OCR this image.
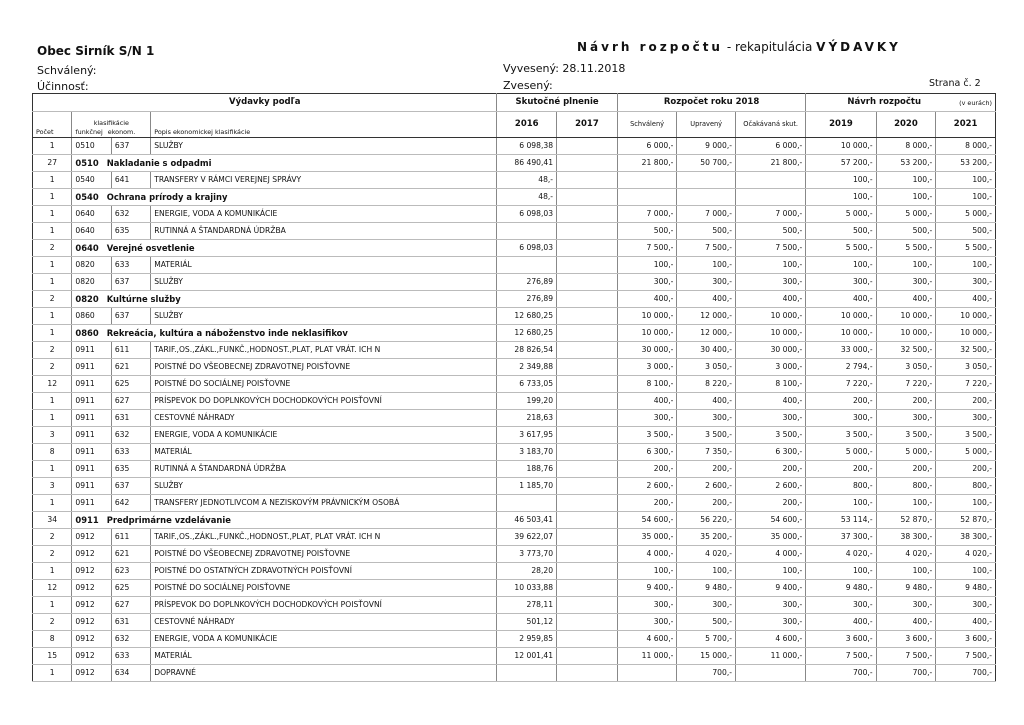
Obec Sirník S/N 1	Návrh rozpočtu - rekapitulácia VÝDAVKY
Schválený:	Vyvesený: 28.11.2018
Účinnosť:	Zvesený:	Strana č. 2
Výdavky podľa				Skutočné plnenie		Rozpočet roku 2018			Návrh rozpočtu (v eurách)		

Počet	klasifikácie
funkčnej ekonom.		Popis ekonomickej klasifikácie	2016	2017	Schválený	Upravený	Očakávaná skut.	2019	2020	2021
1	0510	637	SLUŽBY	6 098,38		6 000,-	9 000,-	6 000,-	10 000,-	8 000,-	8 000,-
27	0510 Nakladanie s odpadmi			86 490,41		21 800,-	50 700,-	21 800,-	57 200,-	53 200,-	53 200,-
1	0540	641	TRANSFERY V RÁMCI VEREJNEJ SPRÁVY	48,-					100,-	100,-	100,-
1	0540 Ochrana prírody a krajiny			48,-					100,-	100,-	100,-
1	0640	632	ENERGIE, VODA A KOMUNIKÁCIE	6 098,03		7 000,-	7 000,-	7 000,-	5 000,-	5 000,-	5 000,-
1	0640	635	RUTINNÁ A ŠTANDARDNÁ ÚDRŽBA			500,-	500,-	500,-	500,-	500,-	500,-
2	0640 Verejné osvetlenie			6 098,03		7 500,-	7 500,-	7 500,-	5 500,-	5 500,-	5 500,-
1	0820	633	MATERIÁL			100,-	100,-	100,-	100,-	100,-	100,-
1	0820	637	SLUŽBY	276,89		300,-	300,-	300,-	300,-	300,-	300,-
2	0820 Kultúrne služby			276,89		400,-	400,-	400,-	400,-	400,-	400,-
1	0860	637	SLUŽBY	12 680,25		10 000,-	12 000,-	10 000,-	10 000,-	10 000,-	10 000,-
1	0860 Rekreácia, kultúra a náboženstvo inde neklasifikov			12 680,25		10 000,-	12 000,-	10 000,-	10 000,-	10 000,-	10 000,-
2	0911	611	TARIF.,OS.,ZÁKL.,FUNKČ.,HODNOST.,PLAT, PLAT VRÁT. ICH N	28 826,54		30 000,-	30 400,-	30 000,-	33 000,-	32 500,-	32 500,-
2	0911	621	POISTNÉ DO VŠEOBECNEJ ZDRAVOTNEJ POISŤOVNE	2 349,88		3 000,-	3 050,-	3 000,-	2 794,-	3 050,-	3 050,-
12	0911	625	POISTNÉ DO SOCIÁLNEJ POISŤOVNE	6 733,05		8 100,-	8 220,-	8 100,-	7 220,-	7 220,-	7 220,-
1	0911	627	PRÍSPEVOK DO DOPLNKOVÝCH DOCHODKOVÝCH POISŤOVNÍ	199,20		400,-	400,-	400,-	200,-	200,-	200,-
1	0911	631	CESTOVNÉ NÁHRADY	218,63		300,-	300,-	300,-	300,-	300,-	300,-
3	0911	632	ENERGIE, VODA A KOMUNIKÁCIE	3 617,95		3 500,-	3 500,-	3 500,-	3 500,-	3 500,-	3 500,-
8	0911	633	MATERIÁL	3 183,70		6 300,-	7 350,-	6 300,-	5 000,-	5 000,-	5 000,-
1	0911	635	RUTINNÁ A ŠTANDARDNÁ ÚDRŽBA	188,76		200,-	200,-	200,-	200,-	200,-	200,-
3	0911	637	SLUŽBY	1 185,70		2 600,-	2 600,-	2 600,-	800,-	800,-	800,-
1	0911	642	TRANSFERY JEDNOTLIVCOM A NEZISKOVÝM PRÁVNICKÝM OSOBÁ			200,-	200,-	200,-	100,-	100,-	100,-
34	0911 Predprimárne vzdelávanie			46 503,41		54 600,-	56 220,-	54 600,-	53 114,-	52 870,-	52 870,-
2	0912	611	TARIF.,OS.,ZÁKL.,FUNKČ.,HODNOST.,PLAT, PLAT VRÁT. ICH N	39 622,07		35 000,-	35 200,-	35 000,-	37 300,-	38 300,-	38 300,-
2	0912	621	POISTNÉ DO VŠEOBECNEJ ZDRAVOTNEJ POISŤOVNE	3 773,70		4 000,-	4 020,-	4 000,-	4 020,-	4 020,-	4 020,-
1	0912	623	POISTNÉ DO OSTATNÝCH ZDRAVOTNÝCH POISŤOVNÍ	28,20		100,-	100,-	100,-	100,-	100,-	100,-
12	0912	625	POISTNÉ DO SOCIÁLNEJ POISŤOVNE	10 033,88		9 400,-	9 480,-	9 400,-	9 480,-	9 480,-	9 480,-
1	0912	627	PRÍSPEVOK DO DOPLNKOVÝCH DOCHODKOVÝCH POISŤOVNÍ	278,11		300,-	300,-	300,-	300,-	300,-	300,-
2	0912	631	CESTOVNÉ NÁHRADY	501,12		300,-	500,-	300,-	400,-	400,-	400,-
8	0912	632	ENERGIE, VODA A KOMUNIKÁCIE	2 959,85		4 600,-	5 700,-	4 600,-	3 600,-	3 600,-	3 600,-
15	0912	633	MATERIÁL	12 001,41		11 000,-	15 000,-	11 000,-	7 500,-	7 500,-	7 500,-
1	0912	634	DOPRAVNÉ				700,-		700,-	700,-	700,-
